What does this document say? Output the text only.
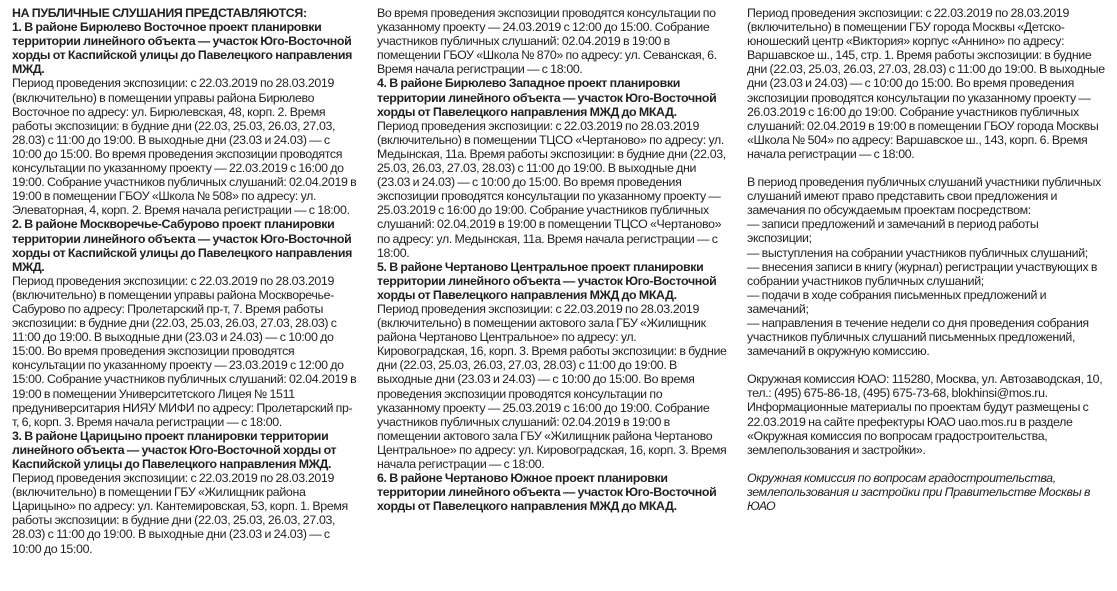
НА ПУБЛИЧНЫЕ СЛУШАНИЯ ПРЕДСТАВЛЯЮТСЯ:

1. В районе Бирюлево Восточное проект планировки территории линейного объекта — участок Юго-Восточной хорды от Каспийской улицы до Павелецкого направления МЖД.

Период проведения экспозиции: с 22.03.2019 по 28.03.2019 (включительно) в помещении управы района Бирюлево Восточное по адресу: ул. Бирюлевская, 48, корп. 2. Время работы экспозиции: в будние дни (22.03, 25.03, 26.03, 27.03, 28.03) с 11:00 до 19:00. В выходные дни (23.03 и 24.03) — с 10:00 до 15:00. Во время проведения экспозиции проводятся консультации по указанному проекту — 22.03.2019 с 16:00 до 19:00. Собрание участников публичных слушаний: 02.04.2019 в 19:00 в помещении ГБОУ «Школа № 508» по адресу: ул. Элеваторная, 4, корп. 2. Время начала регистрации — с 18:00.

2. В районе Москворечье-Сабурово проект планировки территории линейного объекта — участок Юго-Восточной хорды от Каспийской улицы до Павелецкого направления МЖД.

Период проведения экспозиции: с 22.03.2019 по 28.03.2019 (включительно) в помещении управы района Москворечье-Сабурово по адресу: Пролетарский пр-т, 7. Время работы экспозиции: в будние дни (22.03, 25.03, 26.03, 27.03, 28.03) с 11:00 до 19:00. В выходные дни (23.03 и 24.03) — с 10:00 до 15:00. Во время проведения экспозиции проводятся консультации по указанному проекту — 23.03.2019 с 12:00 до 15:00. Собрание участников публичных слушаний: 02.04.2019 в 19:00 в помещении Университетского Лицея № 1511 предуниверситария НИЯУ МИФИ по адресу: Пролетарский пр-т, 6, корп. 3. Время начала регистрации — с 18:00.

3. В районе Царицыно проект планировки территории линейного объекта — участок Юго-Восточной хорды от Каспийской улицы до Павелецкого направления МЖД.

Период проведения экспозиции: с 22.03.2019 по 28.03.2019 (включительно) в помещении ГБУ «Жилищник района Царицыно» по адресу: ул. Кантемировская, 53, корп. 1. Время работы экспозиции: в будние дни (22.03, 25.03, 26.03, 27.03, 28.03) с 11:00 до 19:00. В выходные дни (23.03 и 24.03) — с 10:00 до 15:00.

Во время проведения экспозиции проводятся консультации по указанному проекту — 24.03.2019 с 12:00 до 15:00. Собрание участников публичных слушаний: 02.04.2019 в 19:00 в помещении ГБОУ «Школа № 870» по адресу: ул. Севанская, 6. Время начала регистрации — с 18:00.

4. В районе Бирюлево Западное проект планировки территории линейного объекта — участок Юго-Восточной хорды от Павелецкого направления МЖД до МКАД.

Период проведения экспозиции: с 22.03.2019 по 28.03.2019 (включительно) в помещении ТЦСО «Чертаново» по адресу: ул. Медынская, 11а. Время работы экспозиции: в будние дни (22.03, 25.03, 26.03, 27.03, 28.03) с 11:00 до 19:00. В выходные дни (23.03 и 24.03) — с 10:00 до 15:00. Во время проведения экспозиции проводятся консультации по указанному проекту — 25.03.2019 с 16:00 до 19:00. Собрание участников публичных слушаний: 02.04.2019 в 19:00 в помещении ТЦСО «Чертаново» по адресу: ул. Медынская, 11а. Время начала регистрации — с 18:00.

5. В районе Чертаново Центральное проект планировки территории линейного объекта — участок Юго-Восточной хорды от Павелецкого направления МЖД до МКАД.

Период проведения экспозиции: с 22.03.2019 по 28.03.2019 (включительно) в помещении актового зала ГБУ «Жилищник района Чертаново Центральное» по адресу: ул. Кировоградская, 16, корп. 3. Время работы экспозиции: в будние дни (22.03, 25.03, 26.03, 27.03, 28.03) с 11:00 до 19:00. В выходные дни (23.03 и 24.03) — с 10:00 до 15:00. Во время проведения экспозиции проводятся консультации по указанному проекту — 25.03.2019 с 16:00 до 19:00. Собрание участников публичных слушаний: 02.04.2019 в 19:00 в помещении актового зала ГБУ «Жилищник района Чертаново Центральное» по адресу: ул. Кировоградская, 16, корп. 3. Время начала регистрации — с 18:00.

6. В районе Чертаново Южное проект планировки территории линейного объекта — участок Юго-Восточной хорды от Павелецкого направления МЖД до МКАД.

Период проведения экспозиции: с 22.03.2019 по 28.03.2019 (включительно) в помещении ГБУ города Москвы «Детско-юношеский центр «Виктория» корпус «Аннино» по адресу: Варшавское ш., 145, стр. 1. Время работы экспозиции: в будние дни (22.03, 25.03, 26.03, 27.03, 28.03) с 11:00 до 19:00. В выходные дни (23.03 и 24.03) — с 10:00 до 15:00. Во время проведения экспозиции проводятся консультации по указанному проекту — 26.03.2019 с 16:00 до 19:00. Собрание участников публичных слушаний: 02.04.2019 в 19:00 в помещении ГБОУ города Москвы «Школа № 504» по адресу: Варшавское ш., 143, корп. 6. Время начала регистрации — с 18:00.

В период проведения публичных слушаний участники публичных слушаний имеют право представить свои предложения и замечания по обсуждаемым проектам посредством:

— записи предложений и замечаний в период работы экспозиции;

— выступления на собрании участников публичных слушаний;

— внесения записи в книгу (журнал) регистрации участвующих в собрании участников публичных слушаний;

— подачи в ходе собрания письменных предложений и замечаний;

— направления в течение недели со дня проведения собрания участников публичных слушаний письменных предложений, замечаний в окружную комиссию.

Окружная комиссия ЮАО: 115280, Москва, ул. Автозаводская, 10, тел.: (495) 675-86-18, (495) 675-73-68, blokhinsi@mos.ru. Информационные материалы по проектам будут размещены с 22.03.2019 на сайте префектуры ЮАО uao.mos.ru в разделе «Окружная комиссия по вопросам градостроительства, землепользования и застройки».

Окружная комиссия по вопросам градостроительства, землепользования и застройки при Правительстве Москвы в ЮАО
